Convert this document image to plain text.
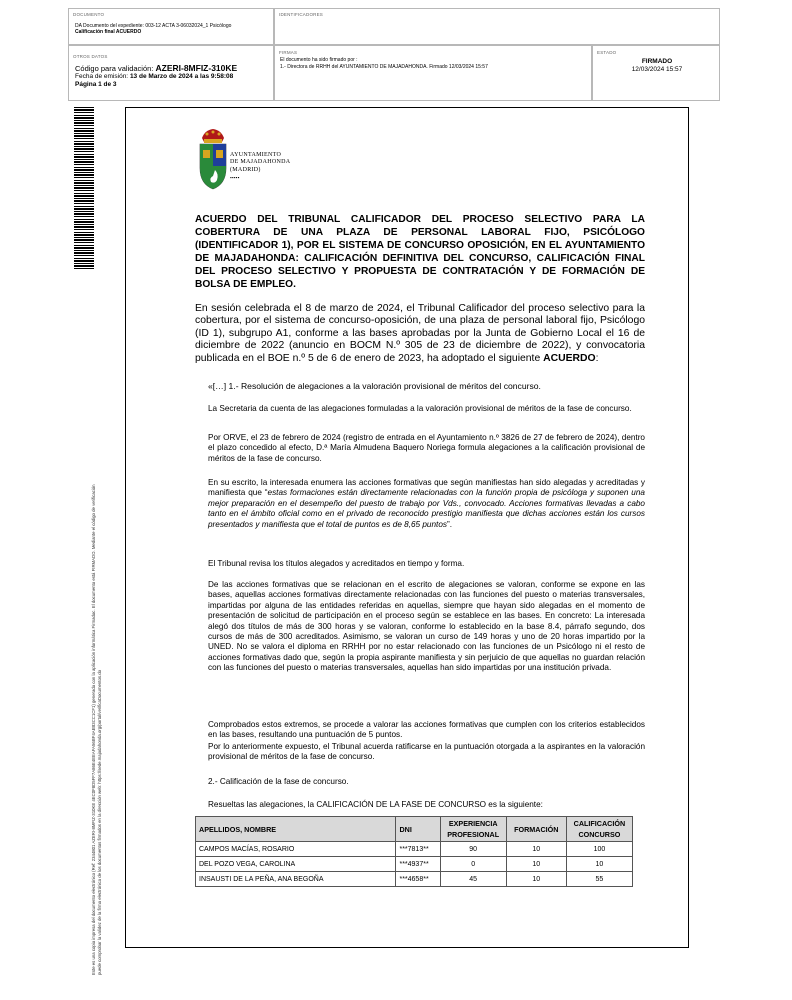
DOCUMENTO
DA Documento del expediente: 003-12 ACTA 3-06032024_1 Psicólogo
Calificación final ACUERDO
IDENTIFICADORES
OTROS DATOS
Código para validación: AZERI-8MFIZ-310KE
Fecha de emisión: 13 de Marzo de 2024 a las 9:58:08
Página 1 de 3
FIRMAS
El documento ha sido firmado por :
1.- Directora de RRHH del AYUNTAMIENTO DE MAJADAHONDA. Firmado 12/03/2024 15:57
ESTADO
FIRMADO
12/03/2024 15:57
Este es una copia impresa del documento electrónico (Ref: 2344801 AZERI-8MFIZ-310KE 4EC0F8D5FF7A86E4EEAFA56BF4AEB3CC1CF1) generada con la aplicación informática Firmadoc. El documento está FIRMADO. Mediante el código de verificación puede comprobar la validez de la firma electrónica de los documentos firmados en la dirección web: https://sede.majadahonda.org/portal/verificaDocumentos.do
AYUNTAMIENTO
DE MAJADAHONDA
(MADRID)
▪▪▪▪▪
ACUERDO DEL TRIBUNAL CALIFICADOR DEL PROCESO SELECTIVO PARA LA COBERTURA DE UNA PLAZA DE PERSONAL LABORAL FIJO, PSICÓLOGO (IDENTIFICADOR 1), POR EL SISTEMA DE CONCURSO OPOSICIÓN, EN EL AYUNTAMIENTO DE MAJADAHONDA: CALIFICACIÓN DEFINITIVA DEL CONCURSO, CALIFICACIÓN FINAL DEL PROCESO SELECTIVO Y PROPUESTA DE CONTRATACIÓN Y DE FORMACIÓN DE BOLSA DE EMPLEO.
En sesión celebrada el 8 de marzo de 2024, el Tribunal Calificador del proceso selectivo para la cobertura, por el sistema de concurso-oposición, de una plaza de personal laboral fijo, Psicólogo (ID 1), subgrupo A1, conforme a las bases aprobadas por la Junta de Gobierno Local el 16 de diciembre de 2022 (anuncio en BOCM N.º 305 de 23 de diciembre de 2022), y convocatoria publicada en el BOE n.º 5 de 6 de enero de 2023, ha adoptado el siguiente ACUERDO:
«[…] 1.- Resolución de alegaciones a la valoración provisional de méritos del concurso.
La Secretaria da cuenta de las alegaciones formuladas a la valoración provisional de méritos de la fase de concurso.
Por ORVE, el 23 de febrero de 2024 (registro de entrada en el Ayuntamiento n.º 3826 de 27 de febrero de 2024), dentro el plazo concedido al efecto, D.ª María Almudena Baquero Noriega formula alegaciones a la calificación provisional de méritos de la fase de concurso.
En su escrito, la interesada enumera las acciones formativas que según manifiestas han sido alegadas y acreditadas y manifiesta que “estas formaciones están directamente relacionadas con la función propia de psicóloga y suponen una mejor preparación en el desempeño del puesto de trabajo por Vds., convocado. Acciones formativas llevadas a cabo tanto en el ámbito oficial como en el privado de reconocido prestigio manifiesta que dichas acciones están los cursos presentados y manifiesta que el total de puntos es de 8,65 puntos”.
El Tribunal revisa los títulos alegados y acreditados en tiempo y forma.
De las acciones formativas que se relacionan en el escrito de alegaciones se valoran, conforme se expone en las bases, aquellas acciones formativas directamente relacionadas con las funciones del puesto o materias transversales, impartidas por alguna de las entidades referidas en aquellas, siempre que hayan sido alegadas en el momento de presentación de solicitud de participación en el proceso según se establece en las bases. En concreto: La interesada alegó dos títulos de más de 300 horas y se valoran, conforme lo establecido en la base 8.4, párrafo segundo, dos cursos de más de 300 acreditados. Asimismo, se valoran un curso de 149 horas y uno de 20 horas impartido por la UNED. No se valora el diploma en RRHH por no estar relacionado con las funciones de un Psicólogo ni el resto de acciones formativas dado que, según la propia aspirante manifiesta y sin perjuicio de que aquellas no guardan relación con las funciones del puesto o materias transversales, aquellas han sido impartidas por una institución privada.
Comprobados estos extremos, se procede a valorar las acciones formativas que cumplen con los criterios establecidos en las bases, resultando una puntuación de 5 puntos.
Por lo anteriormente expuesto, el Tribunal acuerda ratificarse en la puntuación otorgada a la aspirantes en la valoración provisional de méritos de la fase de concurso.
2.- Calificación de la fase de concurso.
Resueltas las alegaciones, la CALIFICACIÓN DE LA FASE DE CONCURSO es la siguiente:
APELLIDOS, NOMBRE	DNI	EXPERIENCIA PROFESIONAL	FORMACIÓN	CALIFICACIÓN CONCURSO
CAMPOS MACÍAS, ROSARIO	***7813**	90	10	100
DEL POZO VEGA, CAROLINA	***4937**	0	10	10
INSAUSTI DE LA PEÑA, ANA BEGOÑA	***4658**	45	10	55
